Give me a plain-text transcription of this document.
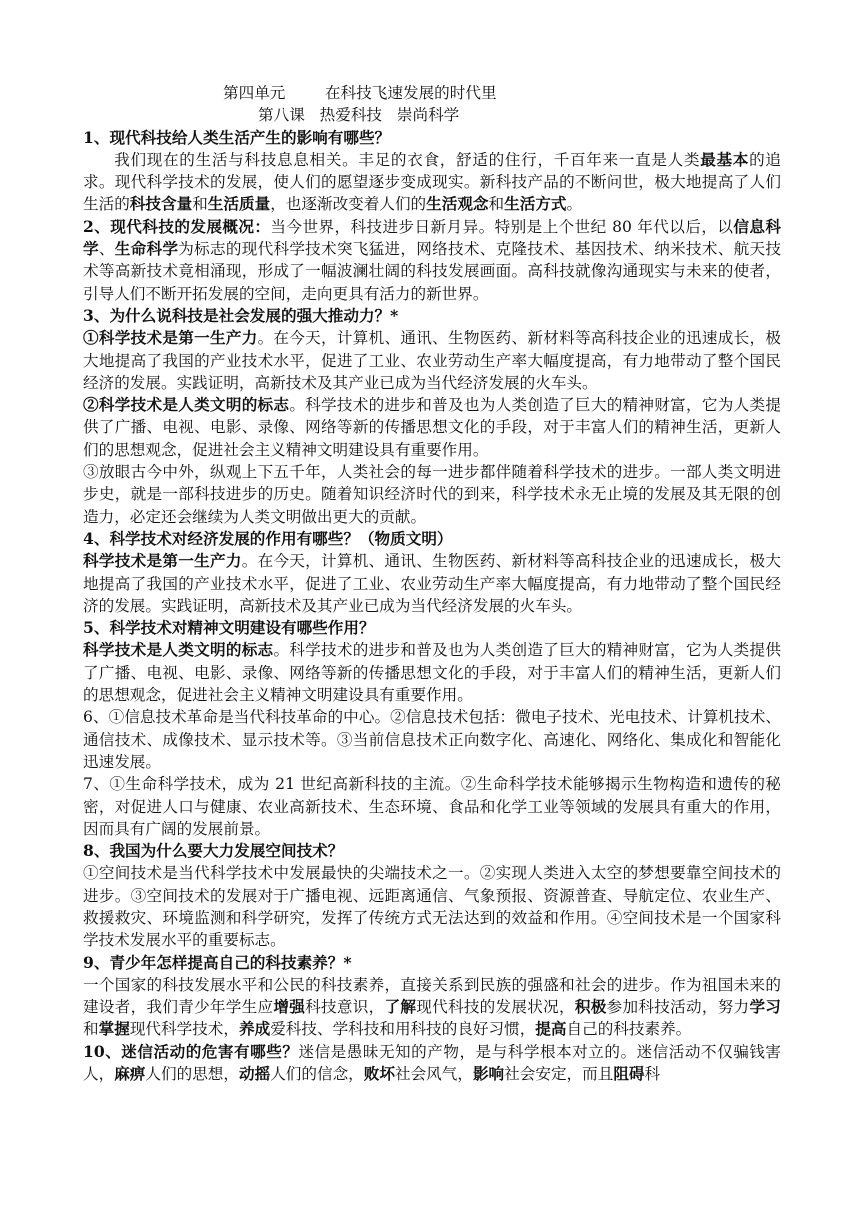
第四单元        在科技飞速发展的时代里

第八课   热爱科技   崇尚科学

1、现代科技给人类生活产生的影响有哪些？

我们现在的生活与科技息息相关。丰足的衣食，舒适的住行，千百年来一直是人类最基本的追求。现代科学技术的发展，使人们的愿望逐步变成现实。新科技产品的不断问世，极大地提高了人们生活的科技含量和生活质量，也逐渐改变着人们的生活观念和生活方式。

2、现代科技的发展概况：当今世界，科技进步日新月异。特别是上个世纪 80 年代以后，以信息科学、生命科学为标志的现代科学技术突飞猛进，网络技术、克隆技术、基因技术、纳米技术、航天技术等高新技术竟相涌现，形成了一幅波澜壮阔的科技发展画面。高科技就像沟通现实与未来的使者，引导人们不断开拓发展的空间，走向更具有活力的新世界。

3、为什么说科技是社会发展的强大推动力？*

①科学技术是第一生产力。在今天，计算机、通讯、生物医药、新材料等高科技企业的迅速成长，极大地提高了我国的产业技术水平，促进了工业、农业劳动生产率大幅度提高，有力地带动了整个国民经济的发展。实践证明，高新技术及其产业已成为当代经济发展的火车头。

②科学技术是人类文明的标志。科学技术的进步和普及也为人类创造了巨大的精神财富，它为人类提供了广播、电视、电影、录像、网络等新的传播思想文化的手段，对于丰富人们的精神生活，更新人们的思想观念，促进社会主义精神文明建设具有重要作用。

③放眼古今中外，纵观上下五千年，人类社会的每一进步都伴随着科学技术的进步。一部人类文明进步史，就是一部科技进步的历史。随着知识经济时代的到来，科学技术永无止境的发展及其无限的创造力，必定还会继续为人类文明做出更大的贡献。

4、科学技术对经济发展的作用有哪些？（物质文明）

科学技术是第一生产力。在今天，计算机、通讯、生物医药、新材料等高科技企业的迅速成长，极大地提高了我国的产业技术水平，促进了工业、农业劳动生产率大幅度提高，有力地带动了整个国民经济的发展。实践证明，高新技术及其产业已成为当代经济发展的火车头。

5、科学技术对精神文明建设有哪些作用？

科学技术是人类文明的标志。科学技术的进步和普及也为人类创造了巨大的精神财富，它为人类提供了广播、电视、电影、录像、网络等新的传播思想文化的手段，对于丰富人们的精神生活，更新人们的思想观念，促进社会主义精神文明建设具有重要作用。

6、①信息技术革命是当代科技革命的中心。②信息技术包括：微电子技术、光电技术、计算机技术、通信技术、成像技术、显示技术等。③当前信息技术正向数字化、高速化、网络化、集成化和智能化迅速发展。

7、①生命科学技术，成为 21 世纪高新科技的主流。②生命科学技术能够揭示生物构造和遗传的秘密，对促进人口与健康、农业高新技术、生态环境、食品和化学工业等领域的发展具有重大的作用，因而具有广阔的发展前景。

8、我国为什么要大力发展空间技术？

①空间技术是当代科学技术中发展最快的尖端技术之一。②实现人类进入太空的梦想要靠空间技术的进步。③空间技术的发展对于广播电视、远距离通信、气象预报、资源普查、导航定位、农业生产、救援救灾、环境监测和科学研究，发挥了传统方式无法达到的效益和作用。④空间技术是一个国家科学技术发展水平的重要标志。

9、青少年怎样提高自己的科技素养？*

一个国家的科技发展水平和公民的科技素养，直接关系到民族的强盛和社会的进步。作为祖国未来的建设者，我们青少年学生应增强科技意识，了解现代科技的发展状况，积极参加科技活动，努力学习和掌握现代科学技术，养成爱科技、学科技和用科技的良好习惯，提高自己的科技素养。

10、迷信活动的危害有哪些？迷信是愚昧无知的产物，是与科学根本对立的。迷信活动不仅骗钱害人，麻痹人们的思想，动摇人们的信念，败坏社会风气，影响社会安定，而且阻碍科
